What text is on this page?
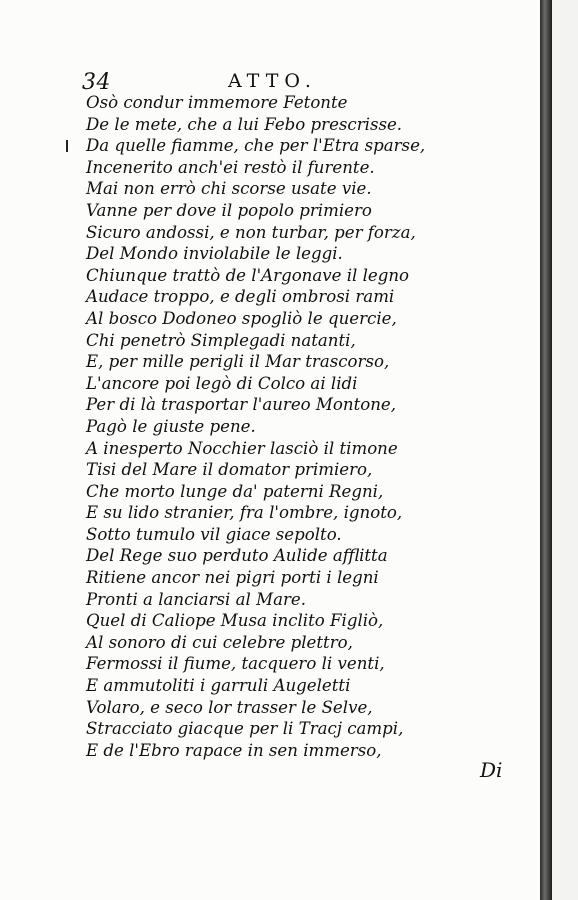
34	ATTO.
Osò condur immemore Fetonte
De le mete, che a lui Febo prescrisse.
Da quelle fiamme, che per l'Etra sparse,
Incenerito anch'ei restò il furente.
Mai non errò chi scorse usate vie.
Vanne per dove il popolo primiero
Sicuro andossi, e non turbar, per forza,
Del Mondo inviolabile le leggi.
Chiunque trattò de l'Argonave il legno
Audace troppo, e degli ombrosi rami
Al bosco Dodoneo spogliò le quercie,
Chi penetrò Simplegadi natanti,
E, per mille perigli il Mar trascorso,
L'ancore poi legò di Colco ai lidi
Per di là trasportar l'aureo Montone,
Pagò le giuste pene.
A inesperto Nocchier lasciò il timone
Tisi del Mare il domator primiero,
Che morto lunge da' paterni Regni,
E su lido stranier, fra l'ombre, ignoto,
Sotto tumulo vil giace sepolto.
Del Rege suo perduto Aulide afflitta
Ritiene ancor nei pigri porti i legni
Pronti a lanciarsi al Mare.
Quel di Caliope Musa inclito Figliò,
Al sonoro di cui celebre plettro,
Fermossi il fiume, tacquero li venti,
E ammutoliti i garruli Augeletti
Volaro, e seco lor trasser le Selve,
Stracciato giacque per li Tracj campi,
E de l'Ebro rapace in sen immerso,
Di
